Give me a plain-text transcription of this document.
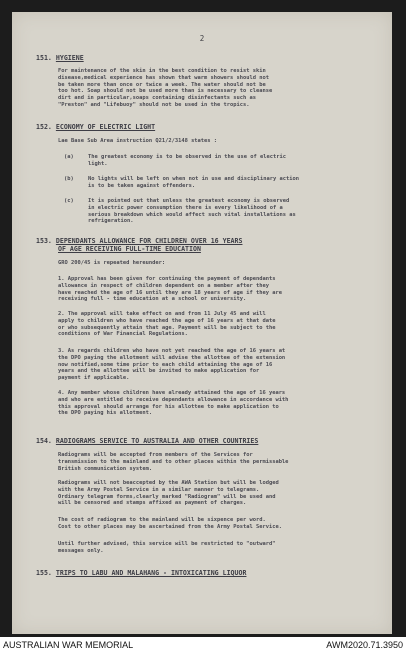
2
151. HYGIENE
For maintenance of the skin in the best condition to resist skin
disease,medical experience has shown that warm showers should not
be taken more than once or twice a week. The water should not be
too hot. Soap should not be used more than is necessary to cleanse
dirt and in particular,soaps containing disinfectants such as
"Preston" and "Lifebuoy" should not be used in the tropics.
152. ECONOMY OF ELECTRIC LIGHT
Lae Base Sub Area instruction Q21/2/3148 states :
(a)	The greatest economy is to be observed in the use of electric
light.
(b)	No lights will be left on when not in use and disciplinary action
is to be taken against offenders.
(c)	It is pointed out that unless the greatest economy is observed
in electric power consumption there is every likelihood of a
serious breakdown which would affect such vital installations as
refrigeration.
153. DEPENDANTS ALLOWANCE FOR CHILDREN OVER 16 YEARS
OF AGE RECEIVING FULL-TIME EDUCATION
GRO 200/45 is repeated hereunder:
1. Approval has been given for continuing the payment of dependants
allowance in respect of children dependent on a member after they
have reached the age of 16 until they are 18 years of age if they are
receiving full - time education at a school or university.
2. The approval will take effect on and from 11 July 45 and will
apply to children who have reached the age of 16 years at that date
or who subsequently attain that age. Payment will be subject to the
conditions of War Financial Regulations.
3. As regards children who have not yet reached the age of 16 years at
the DPO paying the allotment will advise the allottee of the extension
now notified,some time prior to each child attaining the age of 16
years and the allottee will be invited to make application for
payment if applicable.
4. Any member whose children have already attained the age of 16 years
and who are entitled to receive dependants allowance in accordance with
this approval should arrange for his allottee to make application to
the DPO paying his allotment.
154. RADIOGRAMS SERVICE TO AUSTRALIA AND OTHER COUNTRIES
Radiograms will be accepted from members of the Services for
transmission to the mainland and to other places within the permissable
British communication system.
Radiograms will not beaccepted by the AWA Station but will be lodged
with the Army Postal Service in a similar manner to telegrams.
Ordinary telegram forms,clearly marked "Radiogram" will be used and
will be censored and stamps affixed as payment of charges.
The cost of radiogram to the mainland will be sixpence per word.
Cost to other places may be ascertained from the Army Postal Service.
Until further advised, this service will be restricted to "outward"
messages only.
155. TRIPS TO LABU AND MALAHANG - INTOXICATING LIQUOR
AUSTRALIAN WAR MEMORIAL	AWM2020.71.3950
